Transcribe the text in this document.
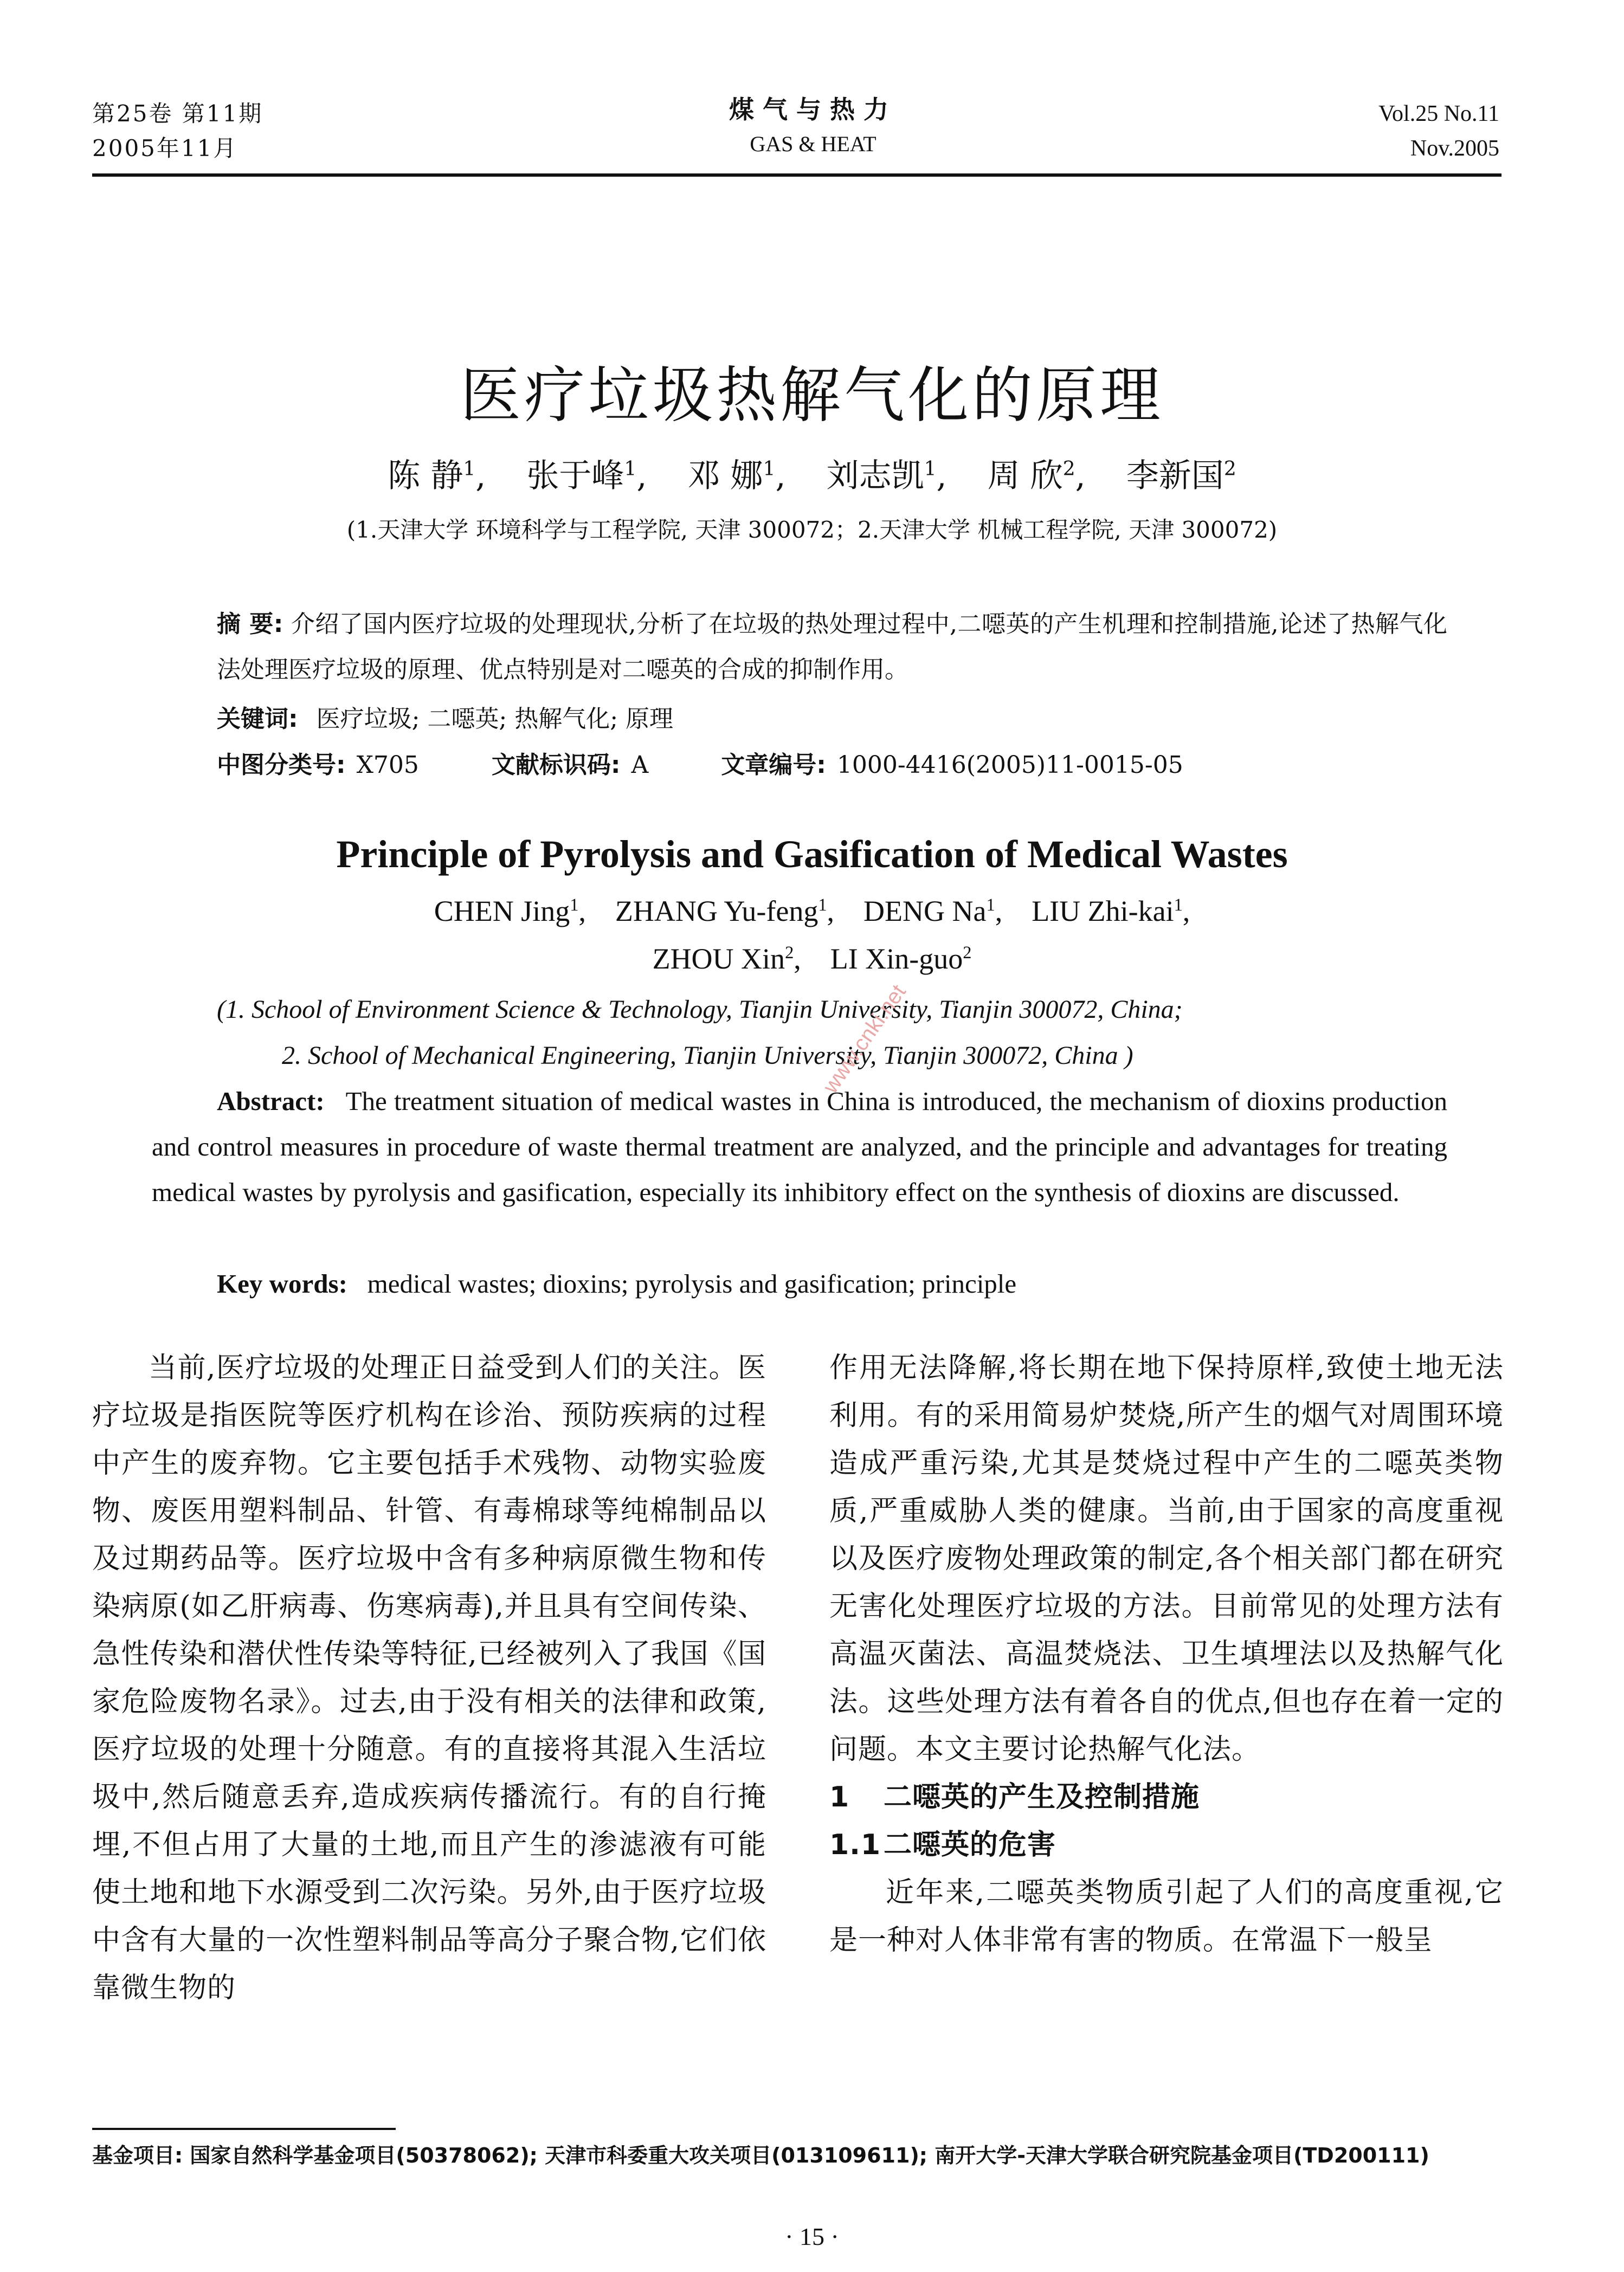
第25卷 第11期
2005年11月
煤气与热力
GAS & HEAT
Vol.25 No.11
Nov.2005
医疗垃圾热解气化的原理
陈 静$^1$, 张于峰$^1$, 邓 娜$^1$, 刘志凯$^1$, 周 欣$^2$, 李新国$^2$
(1.天津大学 环境科学与工程学院, 天津 300072；2.天津大学 机械工程学院, 天津 300072)
摘 要: 介绍了国内医疗垃圾的处理现状,分析了在垃圾的热处理过程中,二噁英的产生机理和控制措施,论述了热解气化法处理医疗垃圾的原理、优点特别是对二噁英的合成的抑制作用。
关键词: 医疗垃圾; 二噁英; 热解气化; 原理
中图分类号: X705	文献标识码: A	文章编号: 1000-4416(2005)11-0015-05
Principle of Pyrolysis and Gasification of Medical Wastes
CHEN Jing$^1$,    ZHANG Yu-feng$^1$,    DENG Na$^1$,    LIU Zhi-kai$^1$,
ZHOU Xin$^2$,    LI Xin-guo$^2$
(1. School of Environment Science & Technology, Tianjin University, Tianjin 300072, China;
2. School of Mechanical Engineering, Tianjin University, Tianjin 300072, China )
Abstract: The treatment situation of medical wastes in China is introduced, the mechanism of dioxins production and control measures in procedure of waste thermal treatment are analyzed, and the principle and advantages for treating medical wastes by pyrolysis and gasification, especially its inhibitory effect on the synthesis of dioxins are discussed.
Key words: medical wastes; dioxins; pyrolysis and gasification; principle

当前,医疗垃圾的处理正日益受到人们的关注。医疗垃圾是指医院等医疗机构在诊治、预防疾病的过程中产生的废弃物。它主要包括手术残物、动物实验废物、废医用塑料制品、针管、有毒棉球等纯棉制品以及过期药品等。医疗垃圾中含有多种病原微生物和传染病原(如乙肝病毒、伤寒病毒),并且具有空间传染、急性传染和潜伏性传染等特征,已经被列入了我国《国家危险废物名录》。过去,由于没有相关的法律和政策,医疗垃圾的处理十分随意。有的直接将其混入生活垃圾中,然后随意丢弃,造成疾病传播流行。有的自行掩埋,不但占用了大量的土地,而且产生的渗滤液有可能使土地和地下水源受到二次污染。另外,由于医疗垃圾中含有大量的一次性塑料制品等高分子聚合物,它们依靠微生物的

作用无法降解,将长期在地下保持原样,致使土地无法利用。有的采用简易炉焚烧,所产生的烟气对周围环境造成严重污染,尤其是焚烧过程中产生的二噁英类物质,严重威胁人类的健康。当前,由于国家的高度重视以及医疗废物处理政策的制定,各个相关部门都在研究无害化处理医疗垃圾的方法。目前常见的处理方法有高温灭菌法、高温焚烧法、卫生填埋法以及热解气化法。这些处理方法有着各自的优点,但也存在着一定的问题。本文主要讨论热解气化法。

1 二噁英的产生及控制措施

1.1二噁英的危害

近年来,二噁英类物质引起了人们的高度重视,它是一种对人体非常有害的物质。在常温下一般呈

www.cnki.net
基金项目: 国家自然科学基金项目(50378062); 天津市科委重大攻关项目(013109611); 南开大学-天津大学联合研究院基金项目(TD200111)
· 15 ·
